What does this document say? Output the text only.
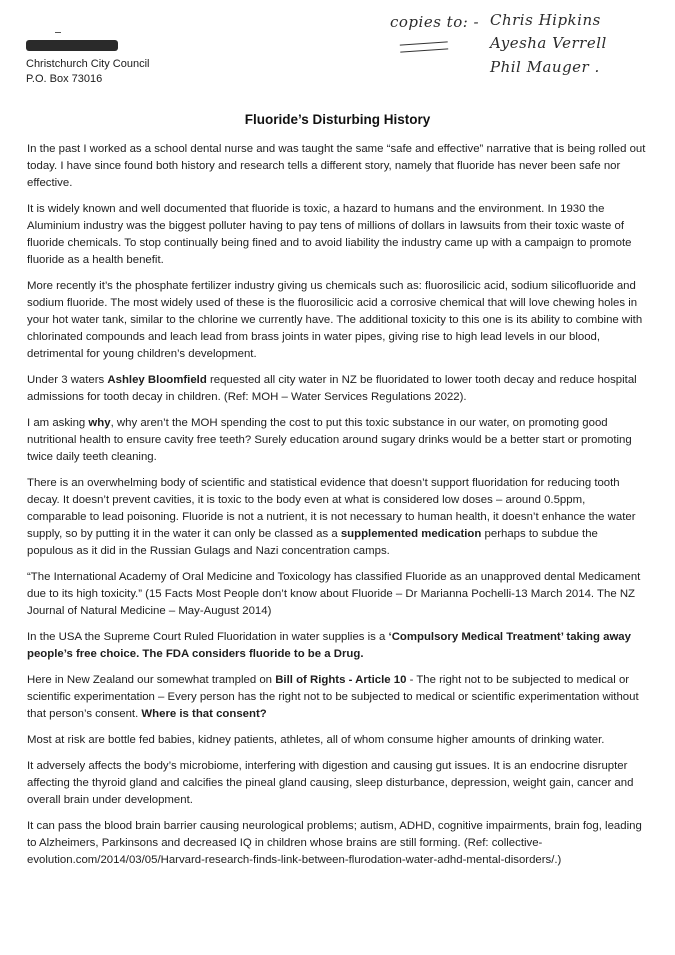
Christchurch City Council
P.O. Box 73016
copies to: - Chris Hipkins
Ayesha Verrell
Phil Mauger .
Fluoride’s Disturbing History

In the past I worked as a school dental nurse and was taught the same “safe and effective” narrative that is being rolled out today. I have since found both history and research tells a different story, namely that fluoride has never been safe nor effective.

It is widely known and well documented that fluoride is toxic, a hazard to humans and the environment. In 1930 the Aluminium industry was the biggest polluter having to pay tens of millions of dollars in lawsuits from their toxic waste of fluoride chemicals. To stop continually being fined and to avoid liability the industry came up with a campaign to promote fluoride as a health benefit.

More recently it’s the phosphate fertilizer industry giving us chemicals such as: fluorosilicic acid, sodium silicofluoride and sodium fluoride. The most widely used of these is the fluorosilicic acid a corrosive chemical that will love chewing holes in your hot water tank, similar to the chlorine we currently have. The additional toxicity to this one is its ability to combine with chlorinated compounds and leach lead from brass joints in water pipes, giving rise to high lead levels in our blood, detrimental for young children’s development.

Under 3 waters Ashley Bloomfield requested all city water in NZ be fluoridated to lower tooth decay and reduce hospital admissions for tooth decay in children. (Ref: MOH – Water Services Regulations 2022).

I am asking why, why aren’t the MOH spending the cost to put this toxic substance in our water, on promoting good nutritional health to ensure cavity free teeth? Surely education around sugary drinks would be a better start or promoting twice daily teeth cleaning.

There is an overwhelming body of scientific and statistical evidence that doesn’t support fluoridation for reducing tooth decay. It doesn’t prevent cavities, it is toxic to the body even at what is considered low doses – around 0.5ppm, comparable to lead poisoning. Fluoride is not a nutrient, it is not necessary to human health, it doesn’t enhance the water supply, so by putting it in the water it can only be classed as a supplemented medication perhaps to subdue the populous as it did in the Russian Gulags and Nazi concentration camps.

“The International Academy of Oral Medicine and Toxicology has classified Fluoride as an unapproved dental Medicament due to its high toxicity.” (15 Facts Most People don’t know about Fluoride – Dr Marianna Pochelli-13 March 2014. The NZ Journal of Natural Medicine – May-August 2014)

In the USA the Supreme Court Ruled Fluoridation in water supplies is a ‘Compulsory Medical Treatment’ taking away people’s free choice. The FDA considers fluoride to be a Drug.

Here in New Zealand our somewhat trampled on Bill of Rights - Article 10 - The right not to be subjected to medical or scientific experimentation – Every person has the right not to be subjected to medical or scientific experimentation without that person’s consent. Where is that consent?

Most at risk are bottle fed babies, kidney patients, athletes, all of whom consume higher amounts of drinking water.

It adversely affects the body’s microbiome, interfering with digestion and causing gut issues. It is an endocrine disrupter affecting the thyroid gland and calcifies the pineal gland causing, sleep disturbance, depression, weight gain, cancer and overall brain under development.

It can pass the blood brain barrier causing neurological problems; autism, ADHD, cognitive impairments, brain fog, leading to Alzheimers, Parkinsons and decreased IQ in children whose brains are still forming. (Ref: collective-evolution.com/2014/03/05/Harvard-research-finds-link-between-flurodation-water-adhd-mental-disorders/.)
